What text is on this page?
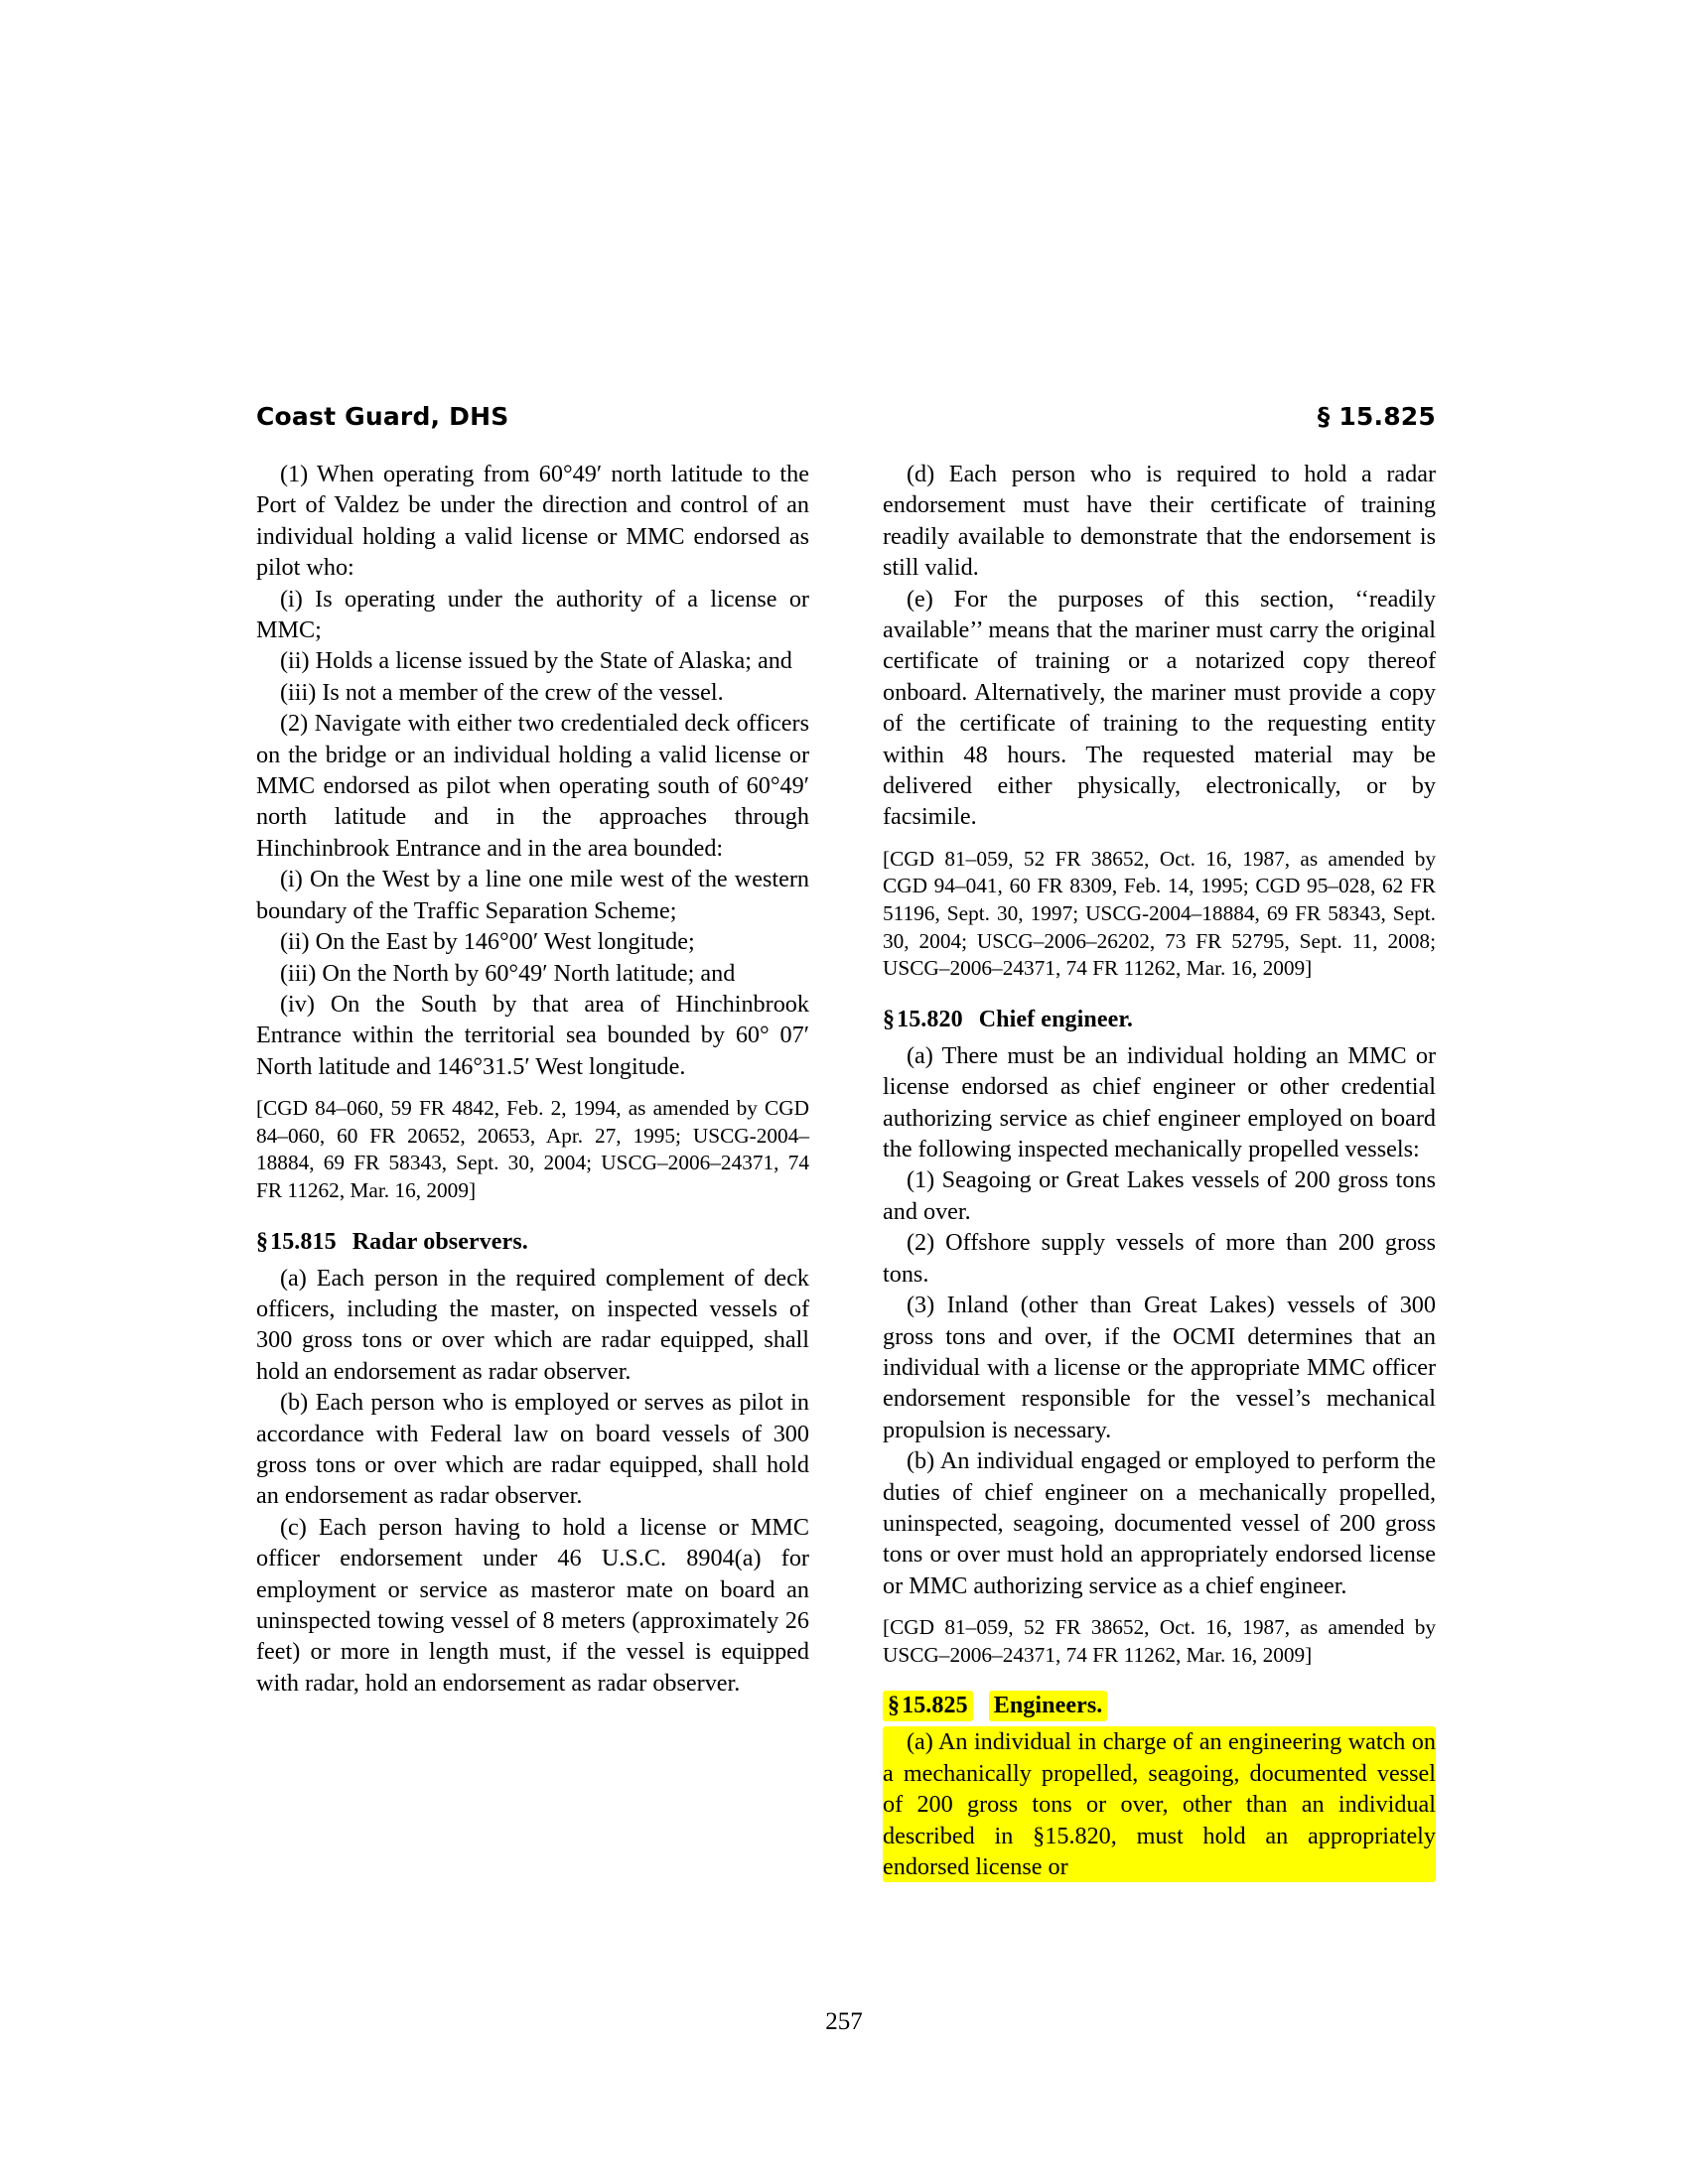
Coast Guard, DHS	§ 15.825

(1) When operating from 60°49′ north latitude to the Port of Valdez be under the direction and control of an individual holding a valid license or MMC endorsed as pilot who:

(i) Is operating under the authority of a license or MMC;

(ii) Holds a license issued by the State of Alaska; and

(iii) Is not a member of the crew of the vessel.

(2) Navigate with either two credentialed deck officers on the bridge or an individual holding a valid license or MMC endorsed as pilot when operating south of 60°49′ north latitude and in the approaches through Hinchinbrook Entrance and in the area bounded:

(i) On the West by a line one mile west of the western boundary of the Traffic Separation Scheme;

(ii) On the East by 146°00′ West longitude;

(iii) On the North by 60°49′ North latitude; and

(iv) On the South by that area of Hinchinbrook Entrance within the territorial sea bounded by 60° 07′ North latitude and 146°31.5′ West longitude.

[CGD 84–060, 59 FR 4842, Feb. 2, 1994, as amended by CGD 84–060, 60 FR 20652, 20653, Apr. 27, 1995; USCG-2004–18884, 69 FR 58343, Sept. 30, 2004; USCG–2006–24371, 74 FR 11262, Mar. 16, 2009]

§15.815 Radar observers.

(a) Each person in the required complement of deck officers, including the master, on inspected vessels of 300 gross tons or over which are radar equipped, shall hold an endorsement as radar observer.

(b) Each person who is employed or serves as pilot in accordance with Federal law on board vessels of 300 gross tons or over which are radar equipped, shall hold an endorsement as radar observer.

(c) Each person having to hold a license or MMC officer endorsement under 46 U.S.C. 8904(a) for employment or service as masteror mate on board an uninspected towing vessel of 8 meters (approximately 26 feet) or more in length must, if the vessel is equipped with radar, hold an endorsement as radar observer.

(d) Each person who is required to hold a radar endorsement must have their certificate of training readily available to demonstrate that the endorsement is still valid.

(e) For the purposes of this section, ‘‘readily available’’ means that the mariner must carry the original certificate of training or a notarized copy thereof onboard. Alternatively, the mariner must provide a copy of the certificate of training to the requesting entity within 48 hours. The requested material may be delivered either physically, electronically, or by facsimile.

[CGD 81–059, 52 FR 38652, Oct. 16, 1987, as amended by CGD 94–041, 60 FR 8309, Feb. 14, 1995; CGD 95–028, 62 FR 51196, Sept. 30, 1997; USCG-2004–18884, 69 FR 58343, Sept. 30, 2004; USCG–2006–26202, 73 FR 52795, Sept. 11, 2008; USCG–2006–24371, 74 FR 11262, Mar. 16, 2009]

§15.820 Chief engineer.

(a) There must be an individual holding an MMC or license endorsed as chief engineer or other credential authorizing service as chief engineer employed on board the following inspected mechanically propelled vessels:

(1) Seagoing or Great Lakes vessels of 200 gross tons and over.

(2) Offshore supply vessels of more than 200 gross tons.

(3) Inland (other than Great Lakes) vessels of 300 gross tons and over, if the OCMI determines that an individual with a license or the appropriate MMC officer endorsement responsible for the vessel’s mechanical propulsion is necessary.

(b) An individual engaged or employed to perform the duties of chief engineer on a mechanically propelled, uninspected, seagoing, documented vessel of 200 gross tons or over must hold an appropriately endorsed license or MMC authorizing service as a chief engineer.

[CGD 81–059, 52 FR 38652, Oct. 16, 1987, as amended by USCG–2006–24371, 74 FR 11262, Mar. 16, 2009]

§15.825 Engineers.

(a) An individual in charge of an engineering watch on a mechanically propelled, seagoing, documented vessel of 200 gross tons or over, other than an individual described in §15.820, must hold an appropriately endorsed license or

257
